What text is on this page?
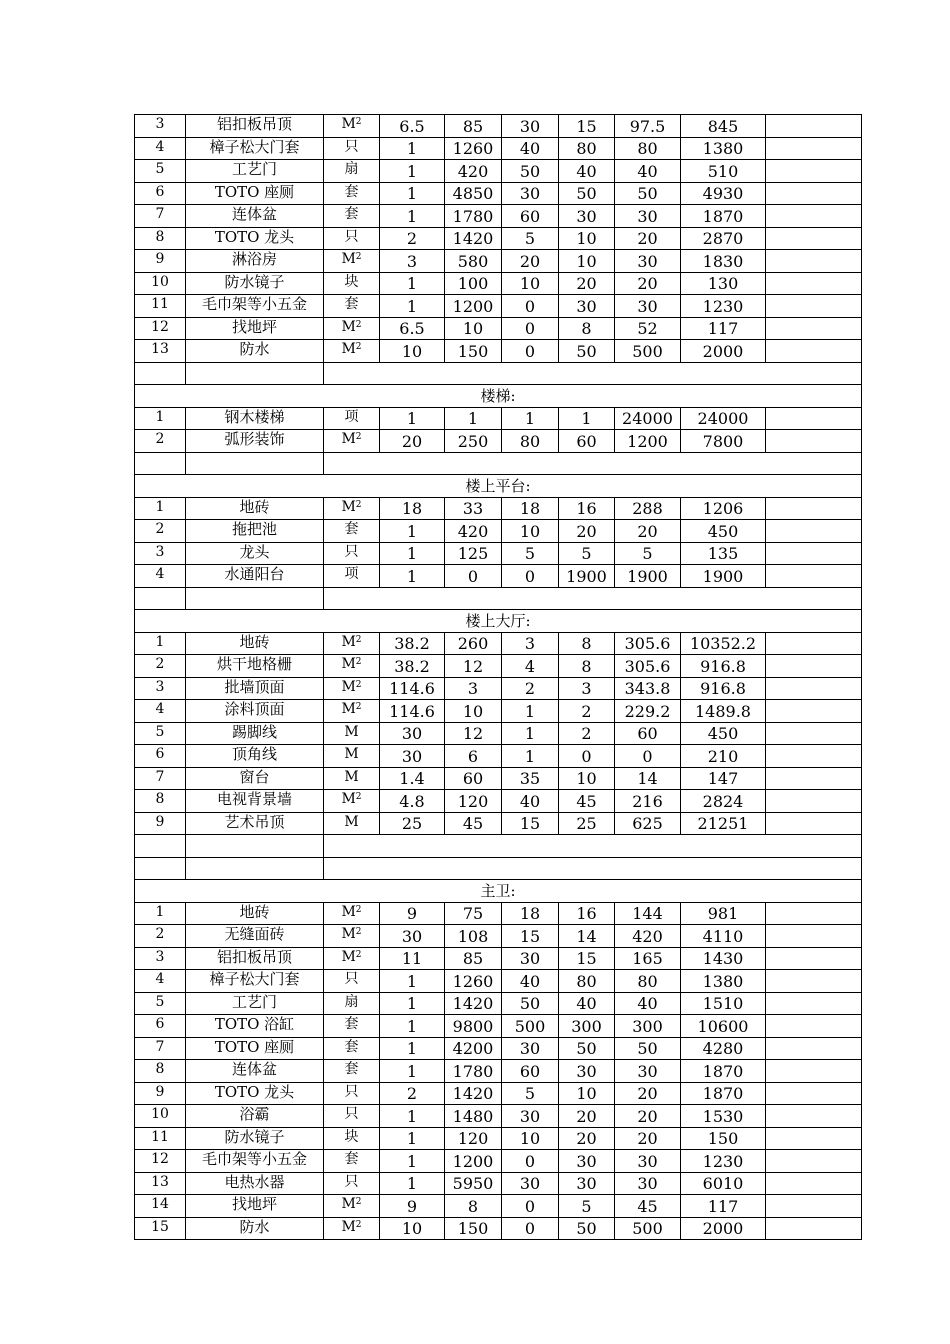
3	铝扣板吊顶	$M^2$	6.5	85	30	15	97.5	845	
4	樟子松大门套	只	1	1260	40	80	80	1380	
5	工艺门	扇	1	420	50	40	40	510	
6	TOTO 座厕	套	1	4850	30	50	50	4930	
7	连体盆	套	1	1780	60	30	30	1870	
8	TOTO 龙头	只	2	1420	5	10	20	2870	
9	淋浴房	$M^2$	3	580	20	10	30	1830	
10	防水镜子	块	1	100	10	20	20	130	
11	毛巾架等小五金	套	1	1200	0	30	30	1230	
12	找地坪	$M^2$	6.5	10	0	8	52	117	
13	防水	$M^2$	10	150	0	50	500	2000	

楼梯:									
1	钢木楼梯	项	1	1	1	1	24000	24000	
2	弧形装饰	$M^2$	20	250	80	60	1200	7800	

楼上平台:									
1	地砖	$M^2$	18	33	18	16	288	1206	
2	拖把池	套	1	420	10	20	20	450	
3	龙头	只	1	125	5	5	5	135	
4	水通阳台	项	1	0	0	1900	1900	1900	

楼上大厅:									
1	地砖	$M^2$	38.2	260	3	8	305.6	10352.2	
2	烘干地格栅	$M^2$	38.2	12	4	8	305.6	916.8	
3	批墙顶面	$M^2$	114.6	3	2	3	343.8	916.8	
4	涂料顶面	$M^2$	114.6	10	1	2	229.2	1489.8	
5	踢脚线	M	30	12	1	2	60	450	
6	顶角线	M	30	6	1	0	0	210	
7	窗台	M	1.4	60	35	10	14	147	
8	电视背景墙	$M^2$	4.8	120	40	45	216	2824	
9	艺术吊顶	M	25	45	15	25	625	21251	

主卫:									
1	地砖	$M^2$	9	75	18	16	144	981	
2	无缝面砖	$M^2$	30	108	15	14	420	4110	
3	铝扣板吊顶	$M^2$	11	85	30	15	165	1430	
4	樟子松大门套	只	1	1260	40	80	80	1380	
5	工艺门	扇	1	1420	50	40	40	1510	
6	TOTO 浴缸	套	1	9800	500	300	300	10600	
7	TOTO 座厕	套	1	4200	30	50	50	4280	
8	连体盆	套	1	1780	60	30	30	1870	
9	TOTO 龙头	只	2	1420	5	10	20	1870	
10	浴霸	只	1	1480	30	20	20	1530	
11	防水镜子	块	1	120	10	20	20	150	
12	毛巾架等小五金	套	1	1200	0	30	30	1230	
13	电热水器	只	1	5950	30	30	30	6010	
14	找地坪	$M^2$	9	8	0	5	45	117	
15	防水	$M^2$	10	150	0	50	500	2000	
